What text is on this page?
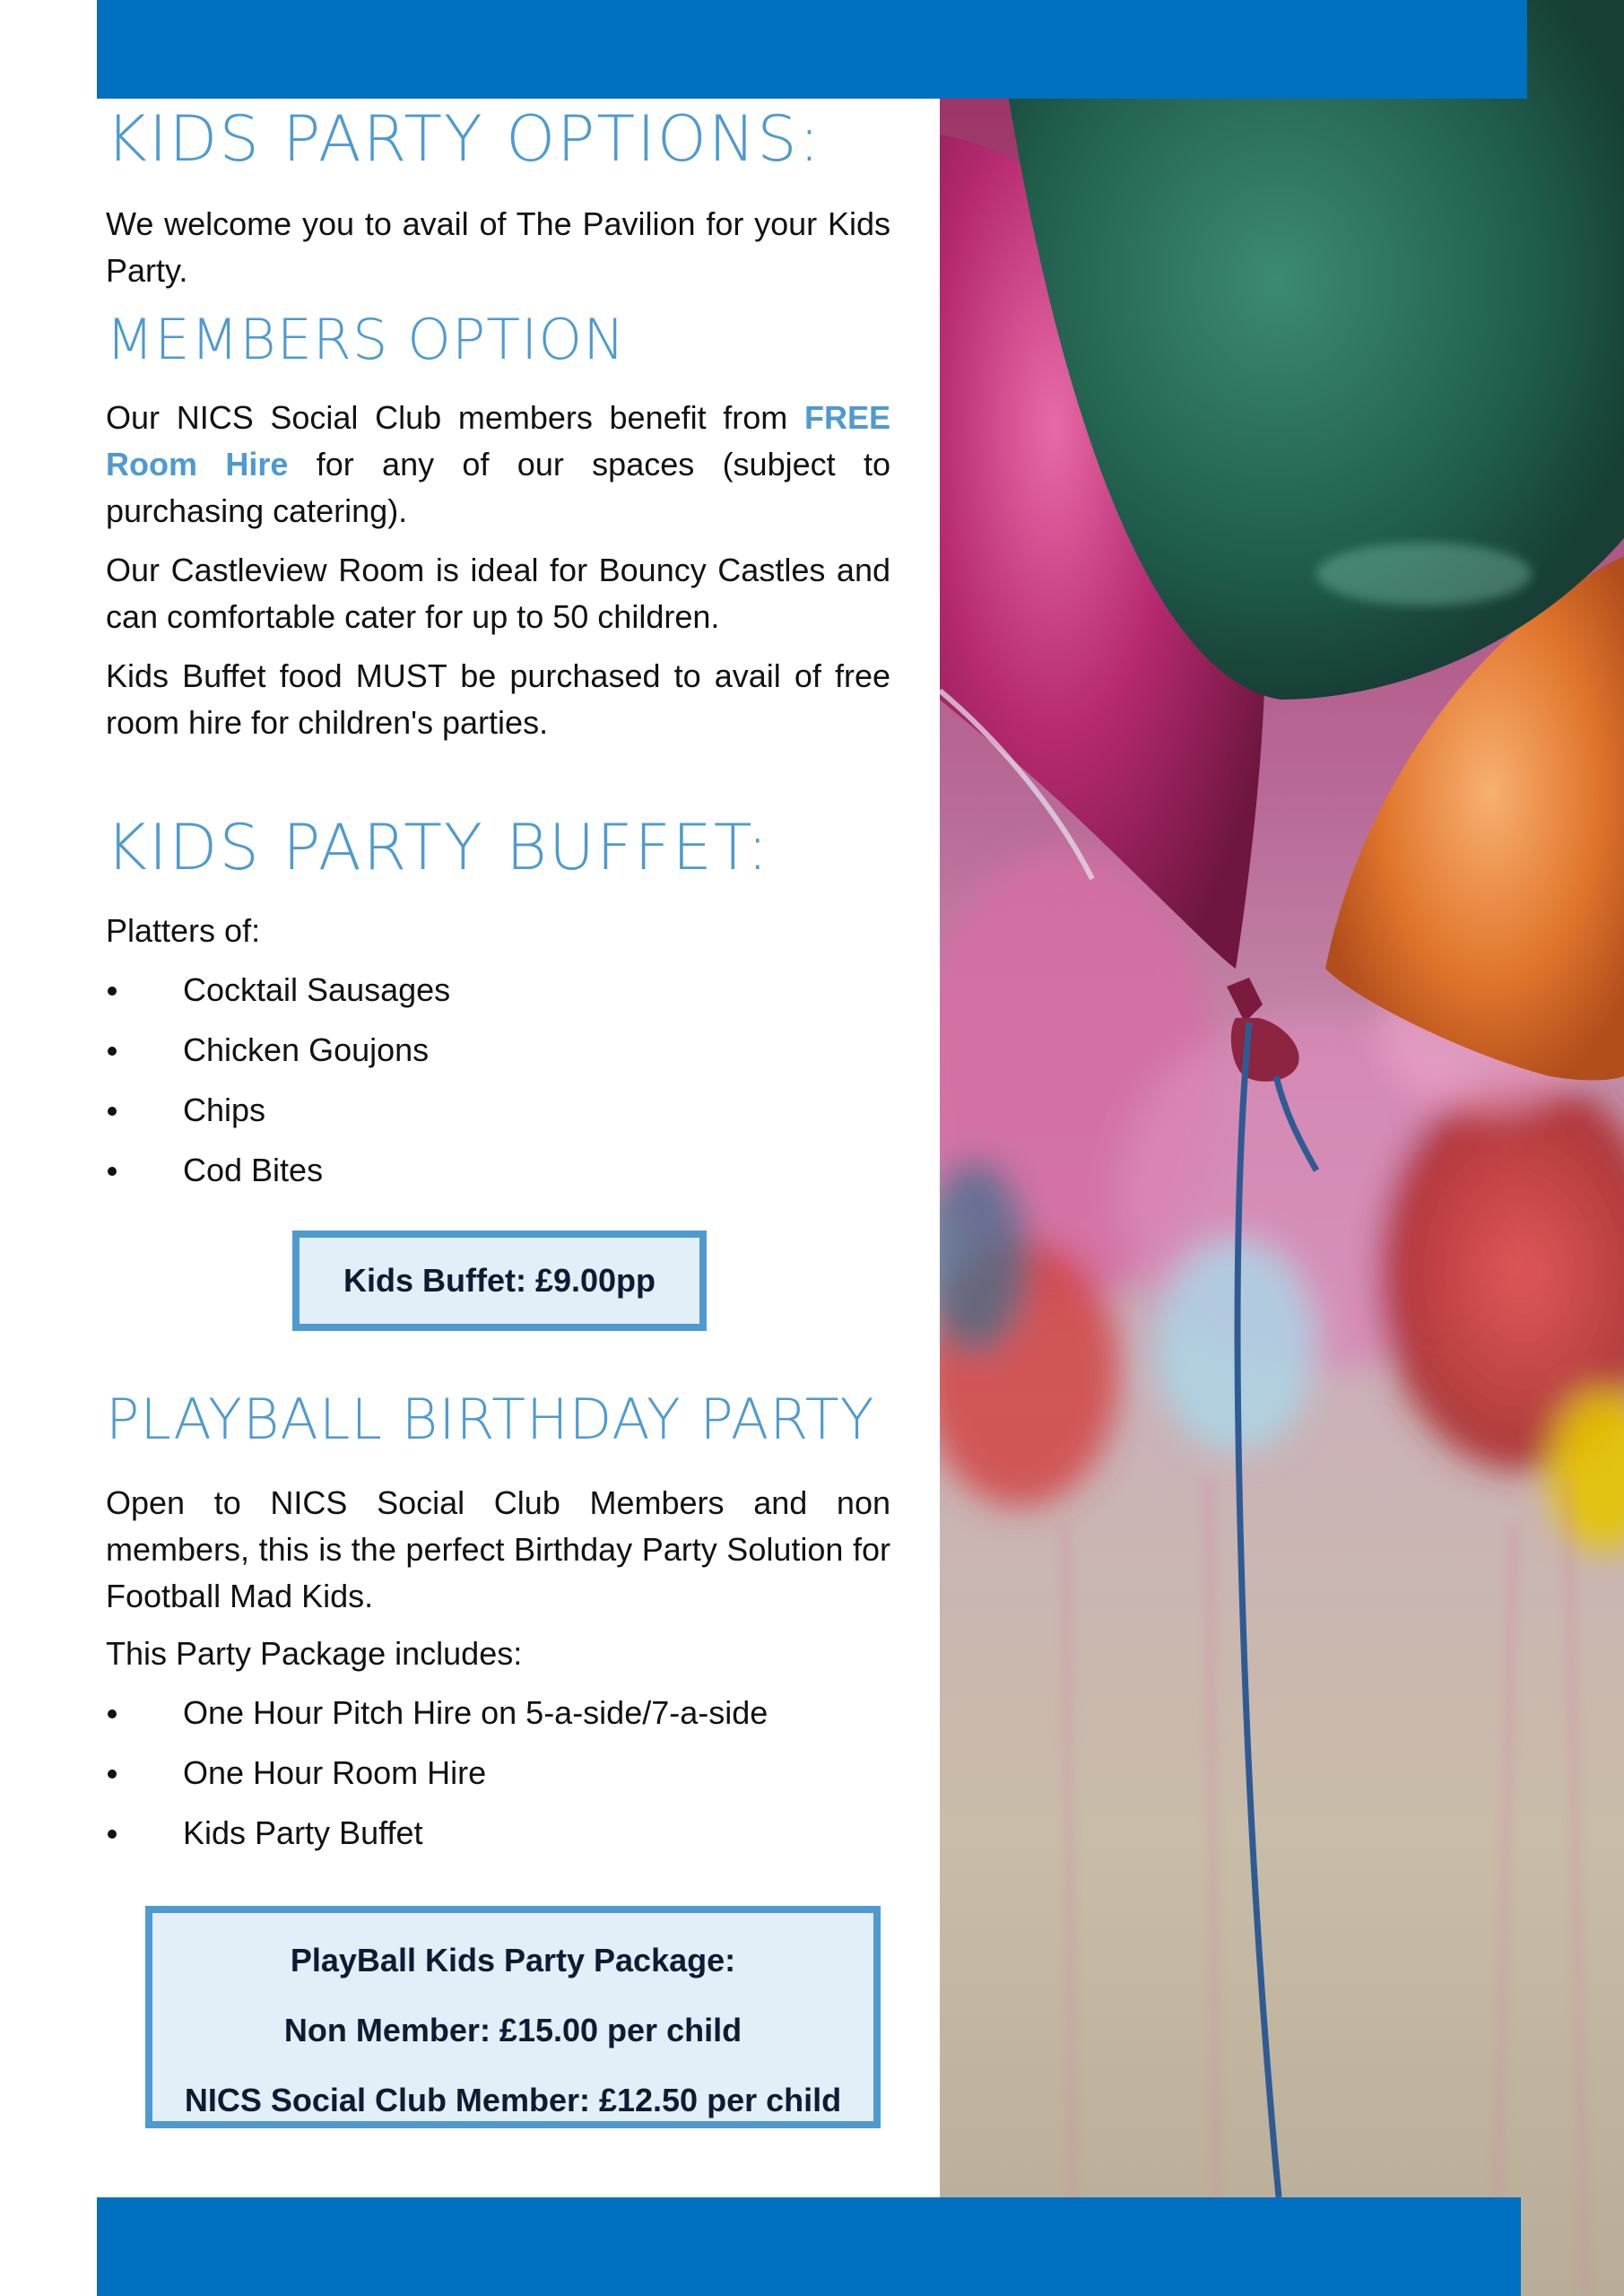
KIDS PARTY OPTIONS:

We welcome you to avail of The Pavilion for your Kids Party.

MEMBERS OPTION

Our NICS Social Club members benefit from FREE Room Hire for any of our spaces (subject to purchasing catering).

Our Castleview Room is ideal for Bouncy Castles and can comfortable cater for up to 50 children.

Kids Buffet food MUST be purchased to avail of free room hire for children's parties.

KIDS PARTY BUFFET:

Platters of:

Cocktail Sausages
Chicken Goujons
Chips
Cod Bites
PLAYBALL BIRTHDAY PARTY

Open to NICS Social Club Members and non members, this is the perfect Birthday Party Solution for Football Mad Kids.

This Party Package includes:

One Hour Pitch Hire on 5-a-side/7-a-side
One Hour Room Hire
Kids Party Buffet
Kids Buffet: £9.00pp
PlayBall Kids Party Package:
Non Member: £15.00 per child
NICS Social Club Member: £12.50 per child
